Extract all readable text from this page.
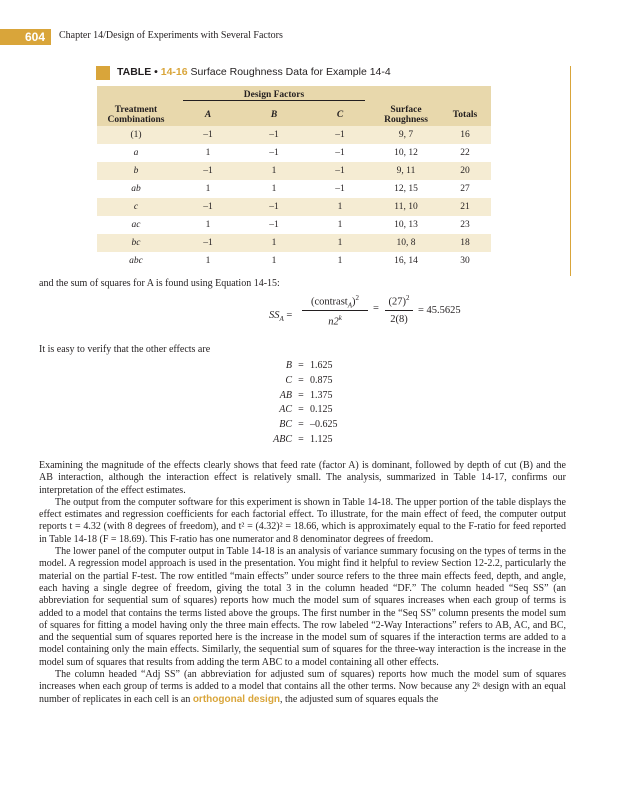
604	Chapter 14/Design of Experiments with Several Factors
TABLE • 14-16 Surface Roughness Data for Example 14-4

	Design Factors				

Treatment Combinations	A	B	C	Surface Roughness	Totals
(1)	–1	–1	–1	9, 7	16
a	1	–1	–1	10, 12	22
b	–1	1	–1	9, 11	20
ab	1	1	–1	12, 15	27
c	–1	–1	1	11, 10	21
ac	1	–1	1	10, 13	23
bc	–1	1	1	10, 8	18
abc	1	1	1	16, 14	30
and the sum of squares for A is found using Equation 14-15:
$SS_A$ =
(contrast$_A$)$^2$
$n2^k$
=
$(27)^2$
2(8)
= 45.5625
It is easy to verify that the other effects are
B = 1.625
C = 0.875
AB = 1.375
AC = 0.125
BC = –0.625
ABC = 1.125

Examining the magnitude of the effects clearly shows that feed rate (factor A) is dominant, followed by depth of cut (B) and the AB interaction, although the interaction effect is relatively small. The analysis, summarized in Table 14-17, confirms our interpretation of the effect estimates.

The output from the computer software for this experiment is shown in Table 14-18. The upper portion of the table displays the effect estimates and regression coefficients for each factorial effect. To illustrate, for the main effect of feed, the computer output reports t = 4.32 (with 8 degrees of freedom), and t² = (4.32)² = 18.66, which is approximately equal to the F-ratio for feed reported in Table 14-18 (F = 18.69). This F-ratio has one numerator and 8 denominator degrees of freedom.

The lower panel of the computer output in Table 14-18 is an analysis of variance summary focusing on the types of terms in the model. A regression model approach is used in the presentation. You might find it helpful to review Section 12-2.2, particularly the material on the partial F-test. The row entitled “main effects” under source refers to the three main effects feed, depth, and angle, each having a single degree of freedom, giving the total 3 in the column headed “DF.” The column headed “Seq SS” (an abbreviation for sequential sum of squares) reports how much the model sum of squares increases when each group of terms is added to a model that contains the terms listed above the groups. The first number in the “Seq SS” column presents the model sum of squares for fitting a model having only the three main effects. The row labeled “2-Way Interactions” refers to AB, AC, and BC, and the sequential sum of squares reported here is the increase in the model sum of squares if the interaction terms are added to a model containing only the main effects. Similarly, the sequential sum of squares for the three-way interaction is the increase in the model sum of squares that results from adding the term ABC to a model containing all other effects.

The column headed “Adj SS” (an abbreviation for adjusted sum of squares) reports how much the model sum of squares increases when each group of terms is added to a model that contains all the other terms. Now because any 2ᵏ design with an equal number of replicates in each cell is an orthogonal design, the adjusted sum of squares equals the
